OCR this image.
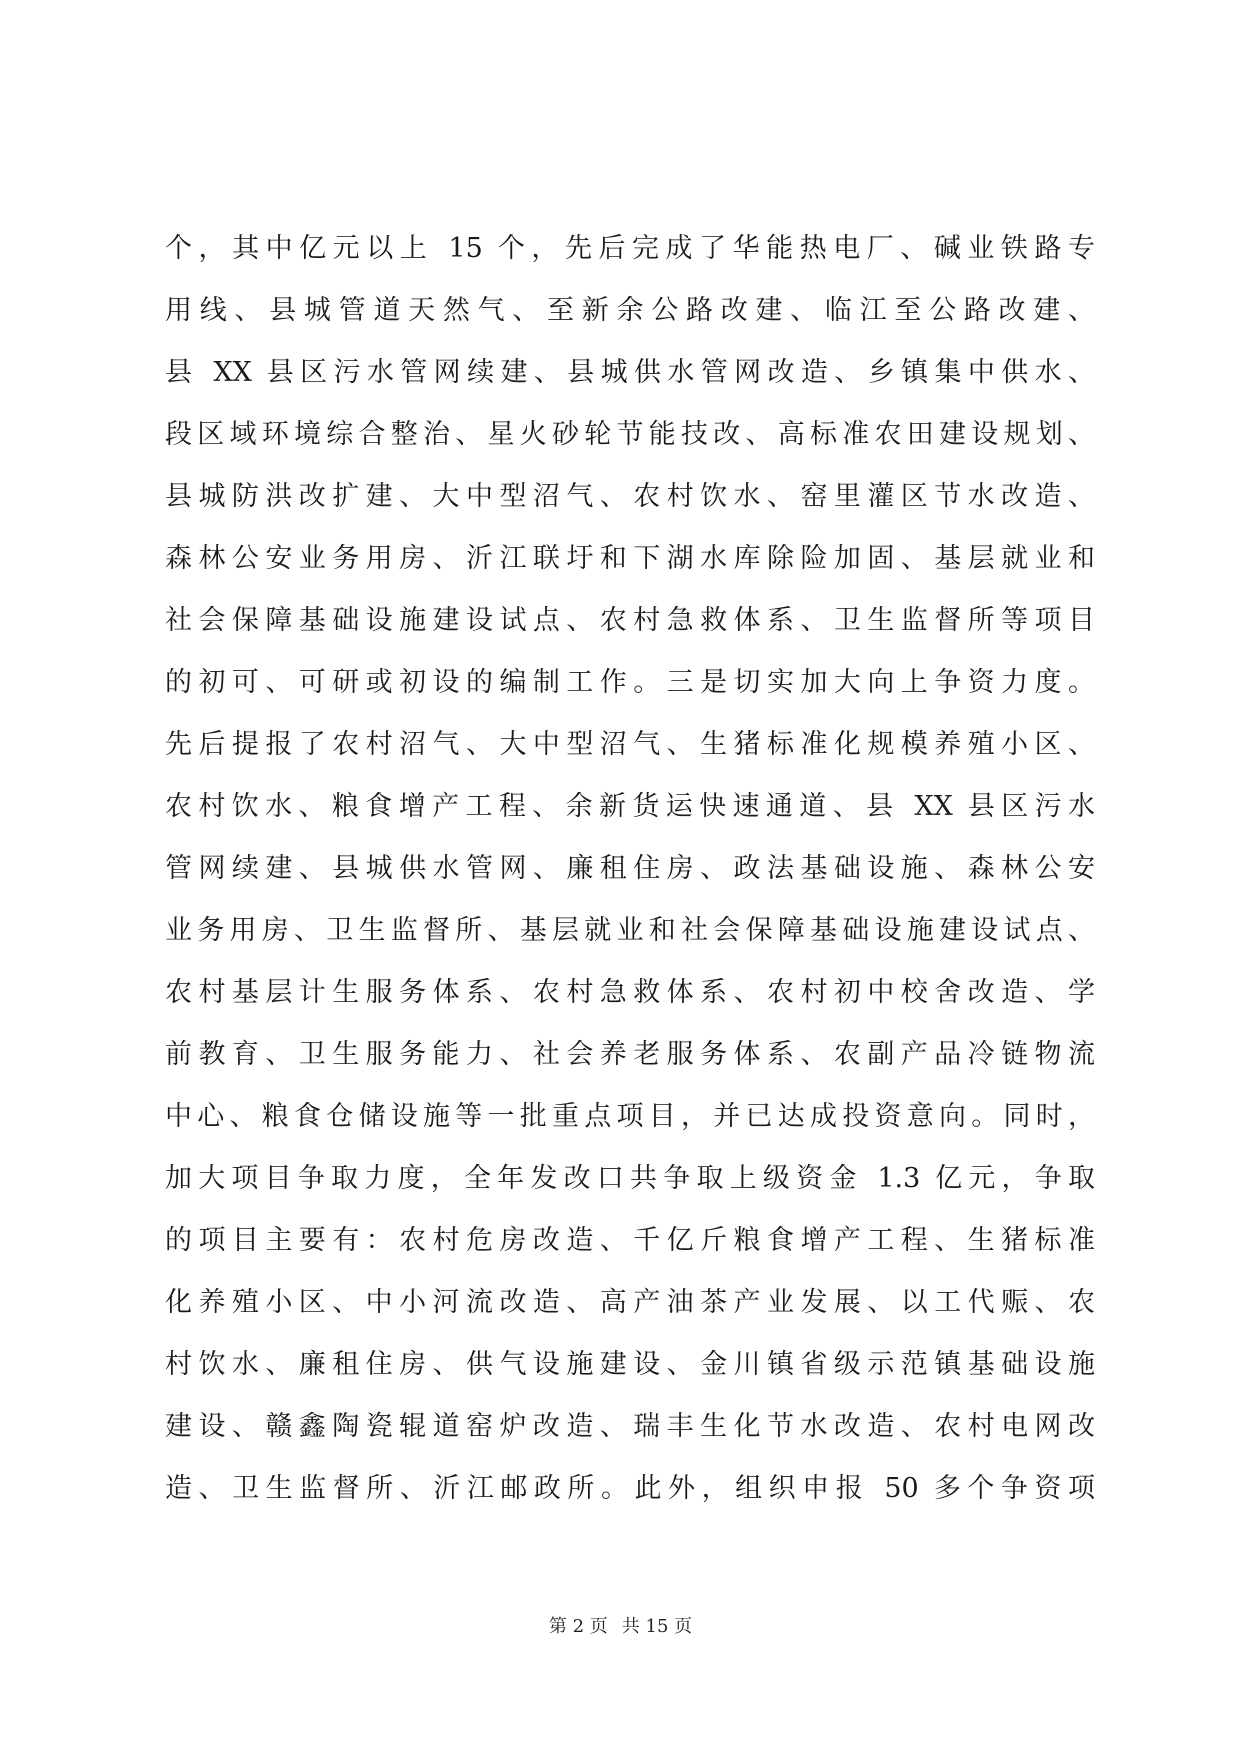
个，其中亿元以上 15 个，先后完成了华能热电厂、碱业铁路专
用线、县城管道天然气、至新余公路改建、临江至公路改建、
县 XX 县区污水管网续建、县城供水管网改造、乡镇集中供水、
段区域环境综合整治、星火砂轮节能技改、高标准农田建设规划、
县城防洪改扩建、大中型沼气、农村饮水、窑里灌区节水改造、
森林公安业务用房、沂江联圩和下湖水库除险加固、基层就业和
社会保障基础设施建设试点、农村急救体系、卫生监督所等项目
的初可、可研或初设的编制工作。三是切实加大向上争资力度。
先后提报了农村沼气、大中型沼气、生猪标准化规模养殖小区、
农村饮水、粮食增产工程、余新货运快速通道、县 XX 县区污水
管网续建、县城供水管网、廉租住房、政法基础设施、森林公安
业务用房、卫生监督所、基层就业和社会保障基础设施建设试点、
农村基层计生服务体系、农村急救体系、农村初中校舍改造、学
前教育、卫生服务能力、社会养老服务体系、农副产品冷链物流
中心、粮食仓储设施等一批重点项目，并已达成投资意向。同时，
加大项目争取力度，全年发改口共争取上级资金 1.3 亿元，争取
的项目主要有：农村危房改造、千亿斤粮食增产工程、生猪标准
化养殖小区、中小河流改造、高产油茶产业发展、以工代赈、农
村饮水、廉租住房、供气设施建设、金川镇省级示范镇基础设施
建设、赣鑫陶瓷辊道窑炉改造、瑞丰生化节水改造、农村电网改
造、卫生监督所、沂江邮政所。此外，组织申报 50 多个争资项
第 2 页 共 15 页
